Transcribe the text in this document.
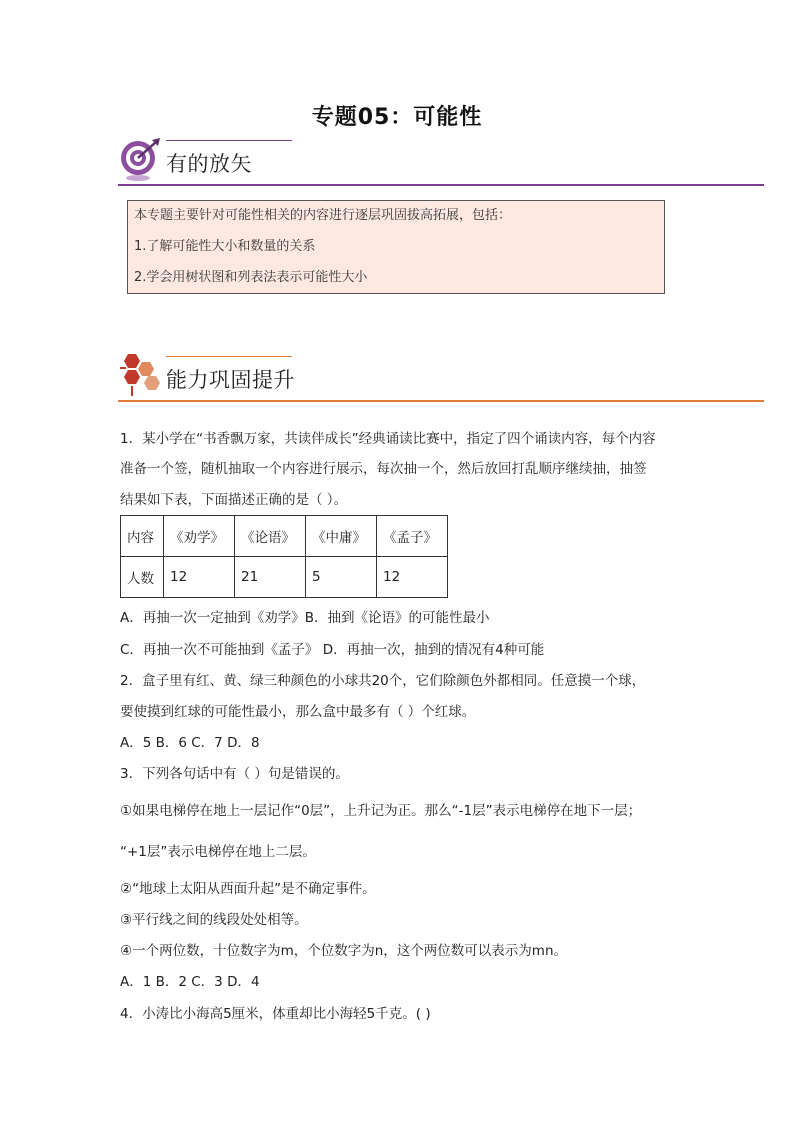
专题05：可能性
有的放矢
本专题主要针对可能性相关的内容进行逐层巩固拔高拓展，包括：
1.了解可能性大小和数量的关系
2.学会用树状图和列表法表示可能性大小
能力巩固提升
1．某小学在“书香飘万家，共读伴成长”经典诵读比赛中，指定了四个诵读内容，每个内容
准备一个签，随机抽取一个内容进行展示，每次抽一个，然后放回打乱顺序继续抽，抽签
结果如下表，下面描述正确的是（ ）。
内容	《劝学》	《论语》	《中庸》	《孟子》
人数	12	21	5	12
A．再抽一次一定抽到《劝学》B．抽到《论语》的可能性最小
C．再抽一次不可能抽到《孟子》 D．再抽一次，抽到的情况有4种可能
2．盒子里有红、黄、绿三种颜色的小球共20个，它们除颜色外都相同。任意摸一个球，
要使摸到红球的可能性最小，那么盒中最多有（ ）个红球。
A．5 B．6 C．7 D．8
3．下列各句话中有（ ）句是错误的。
①如果电梯停在地上一层记作“0层”，上升记为正。那么“-1层”表示电梯停在地下一层；
“+1层”表示电梯停在地上二层。
②“地球上太阳从西面升起”是不确定事件。
③平行线之间的线段处处相等。
④一个两位数，十位数字为m，个位数字为n，这个两位数可以表示为mn。
A．1 B．2 C．3 D．4
4．小涛比小海高5厘米，体重却比小海轻5千克。( )
